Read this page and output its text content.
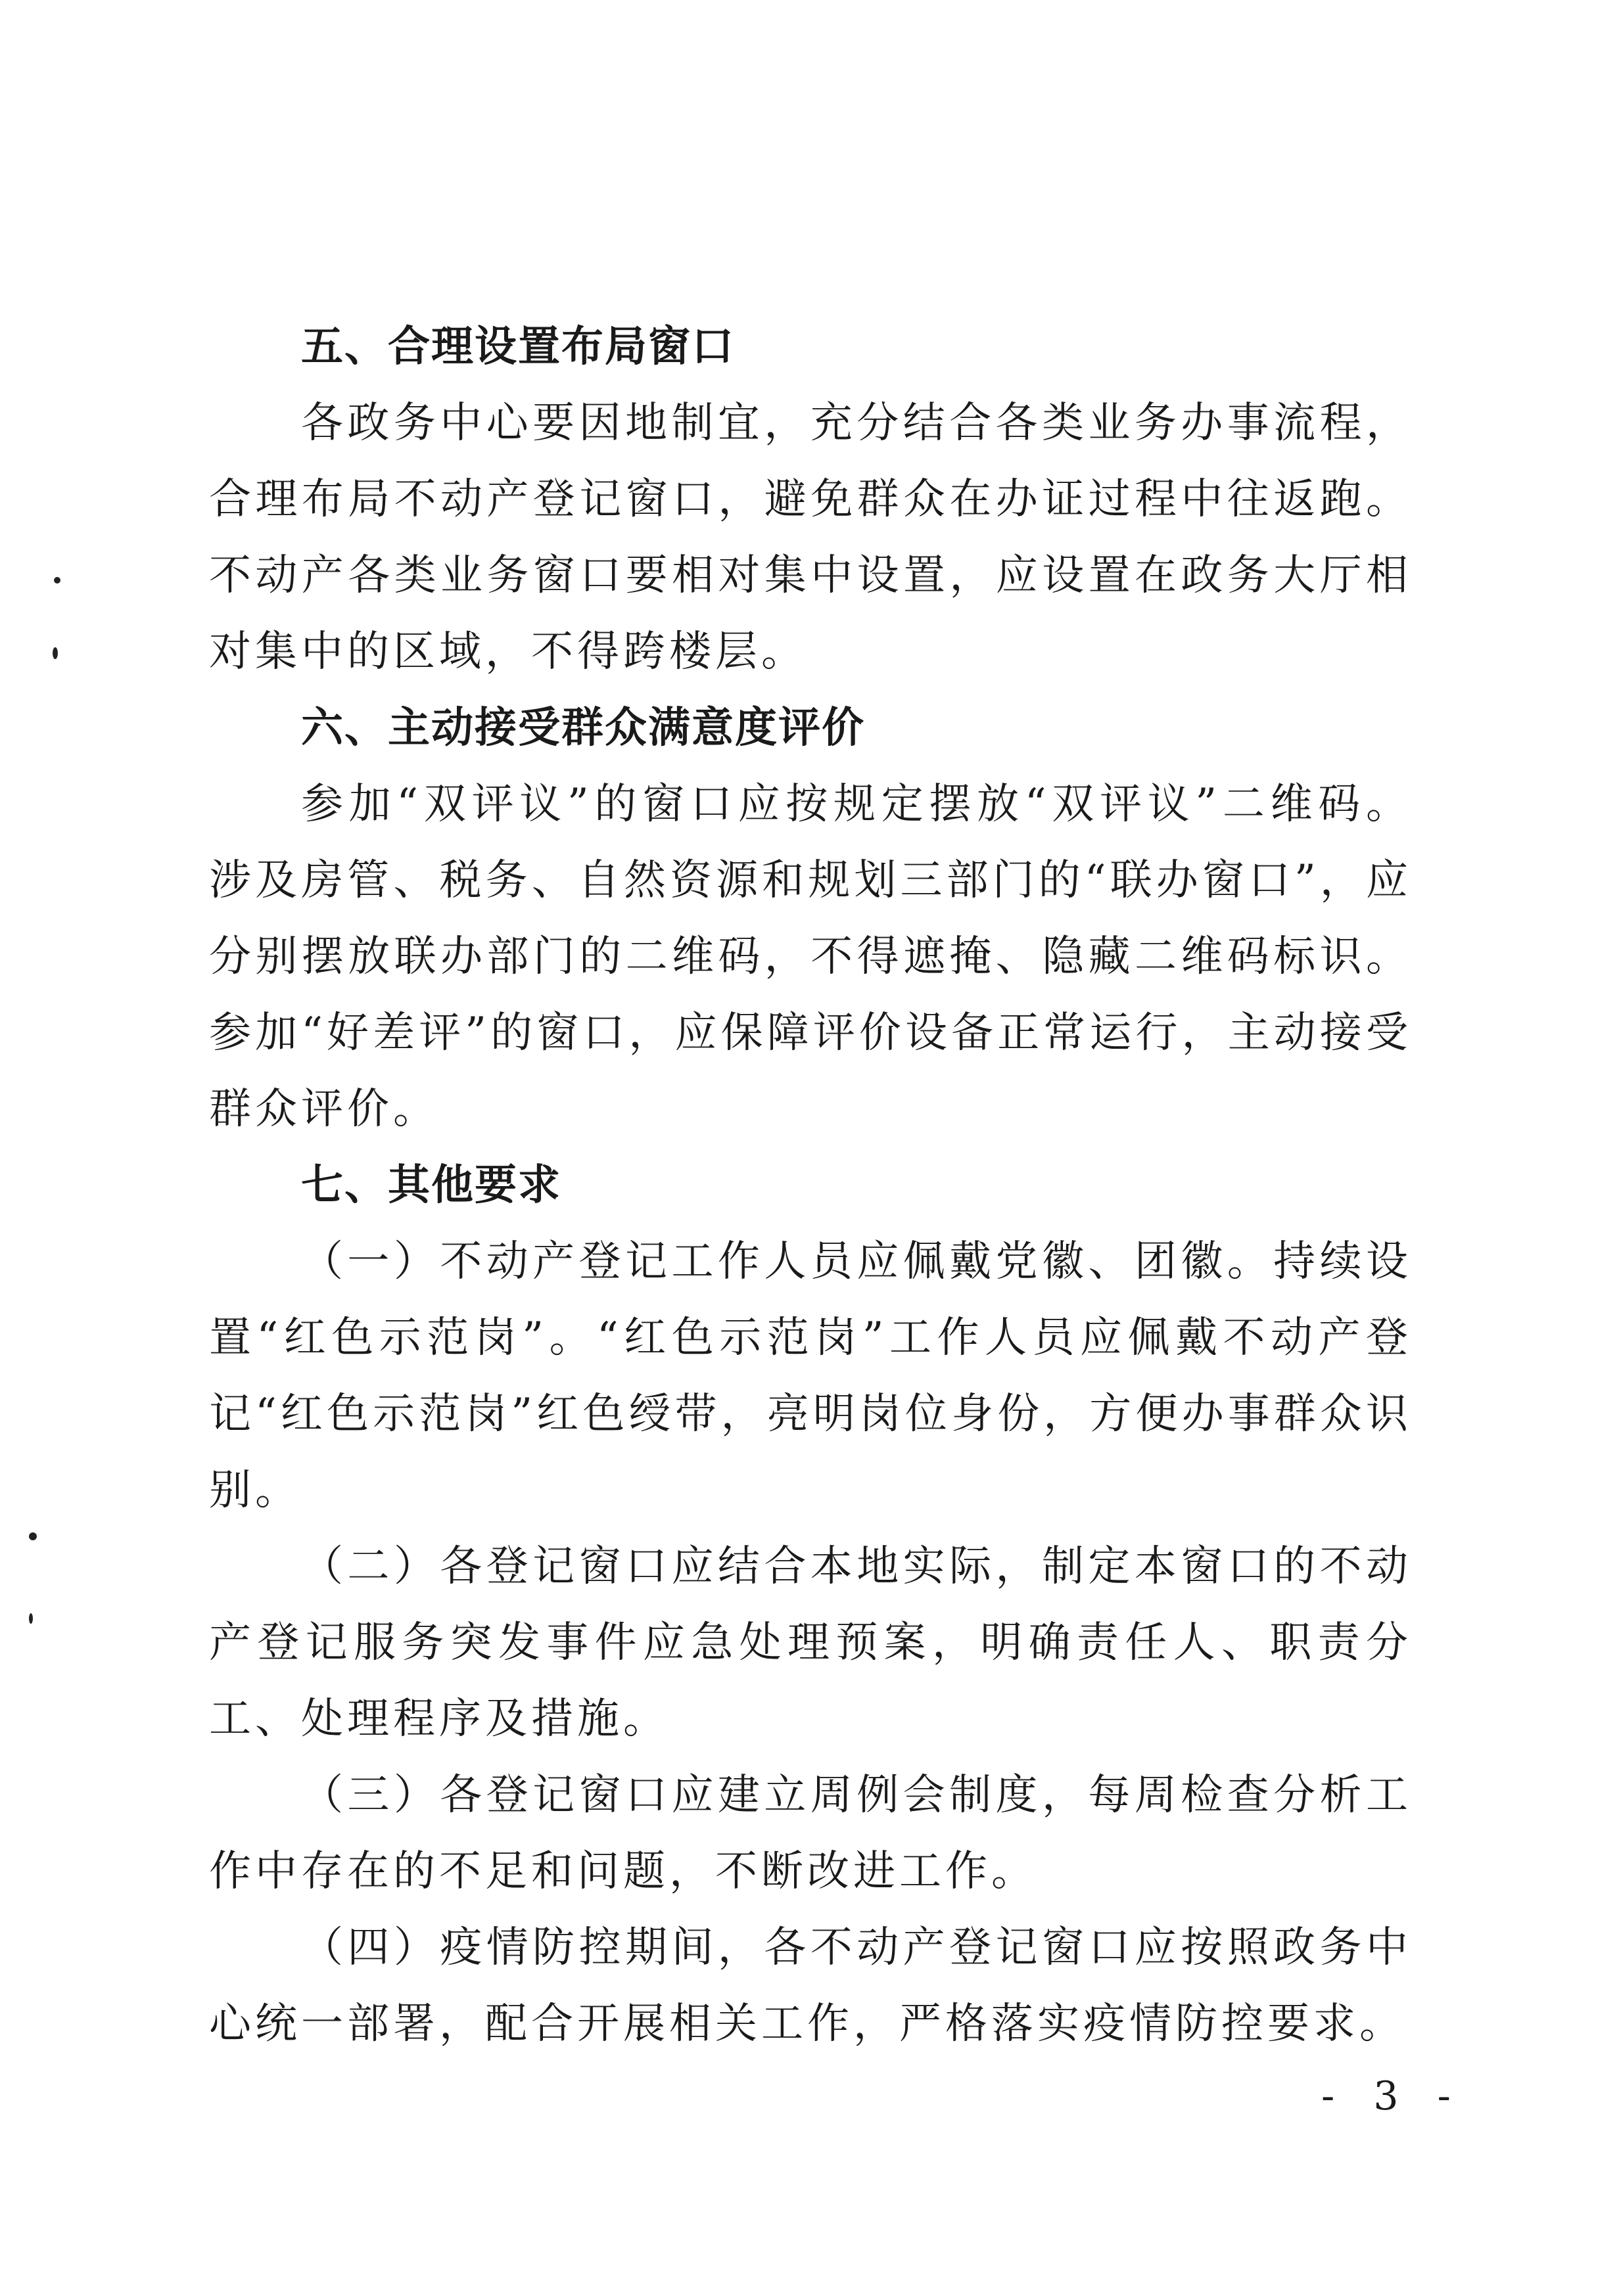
五、合理设置布局窗口

各政务中心要因地制宜，充分结合各类业务办事流程，合理布局不动产登记窗口，避免群众在办证过程中往返跑。不动产各类业务窗口要相对集中设置，应设置在政务大厅相对集中的区域，不得跨楼层。

六、主动接受群众满意度评价

参加“双评议”的窗口应按规定摆放“双评议”二维码。涉及房管、税务、自然资源和规划三部门的“联办窗口”，应分别摆放联办部门的二维码，不得遮掩、隐藏二维码标识。参加“好差评”的窗口，应保障评价设备正常运行，主动接受群众评价。

七、其他要求

（一）不动产登记工作人员应佩戴党徽、团徽。持续设置“红色示范岗”。“红色示范岗”工作人员应佩戴不动产登记“红色示范岗”红色绶带，亮明岗位身份，方便办事群众识别。

（二）各登记窗口应结合本地实际，制定本窗口的不动产登记服务突发事件应急处理预案，明确责任人、职责分工、处理程序及措施。

（三）各登记窗口应建立周例会制度，每周检查分析工作中存在的不足和问题，不断改进工作。

（四）疫情防控期间，各不动产登记窗口应按照政务中心统一部署，配合开展相关工作，严格落实疫情防控要求。

- 3 -
